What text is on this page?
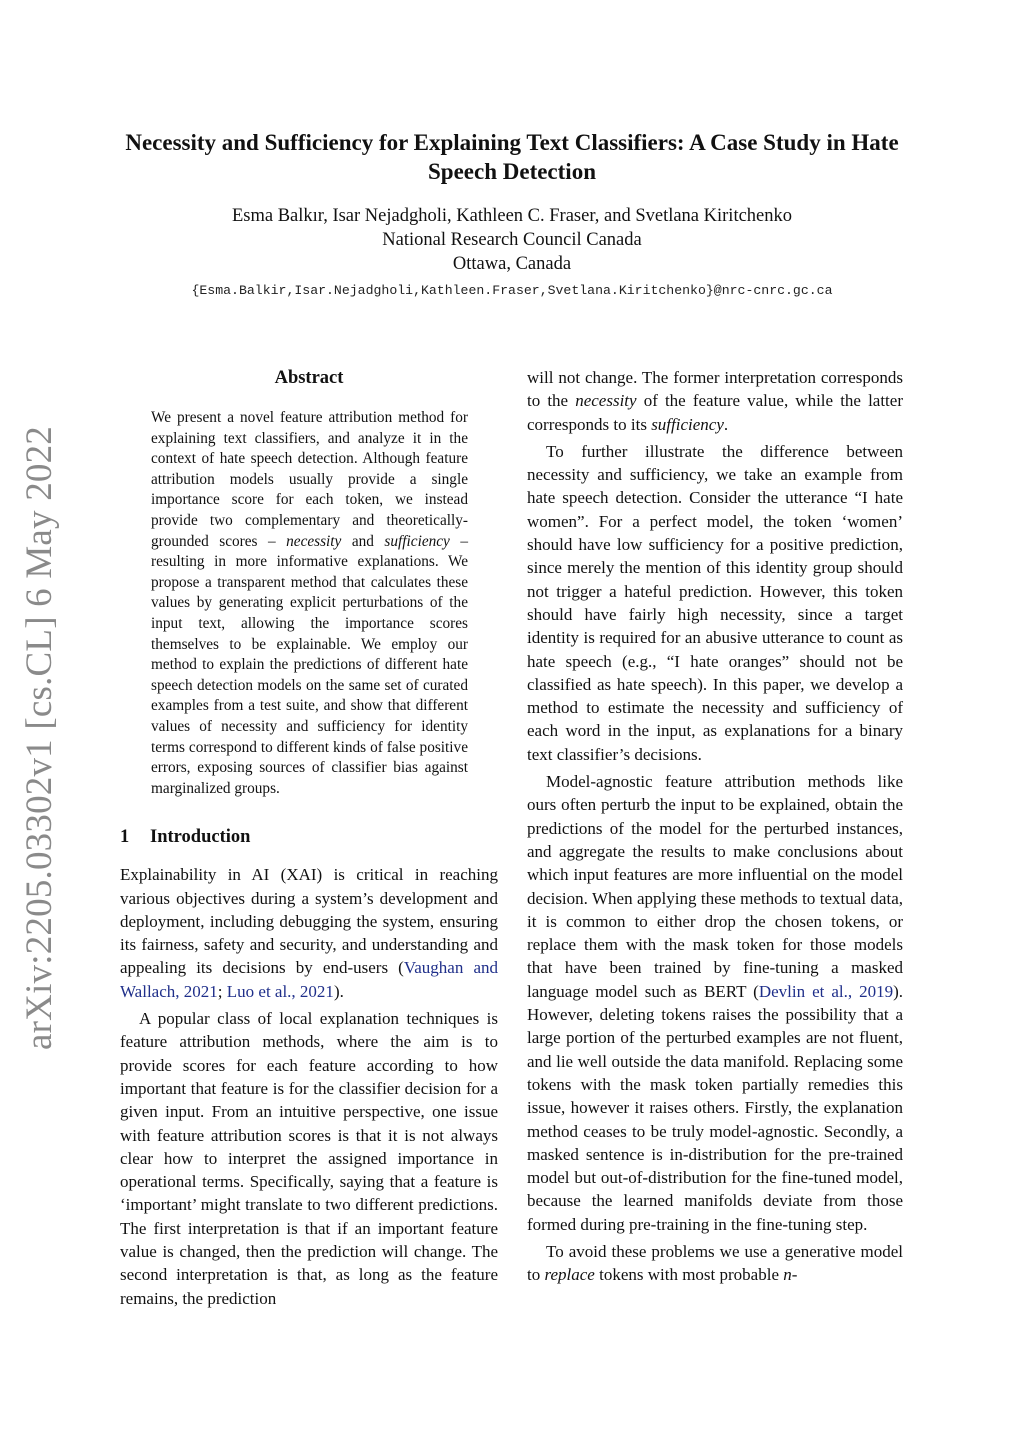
arXiv:2205.03302v1 [cs.CL] 6 May 2022
Necessity and Sufficiency for Explaining Text Classifiers: A Case Study in Hate Speech Detection
Esma Balkır, Isar Nejadgholi, Kathleen C. Fraser, and Svetlana Kiritchenko
National Research Council Canada
Ottawa, Canada
{Esma.Balkir,Isar.Nejadgholi,Kathleen.Fraser,Svetlana.Kiritchenko}@nrc-cnrc.gc.ca
Abstract

We present a novel feature attribution method for explaining text classifiers, and analyze it in the context of hate speech detection. Although feature attribution models usually provide a single importance score for each token, we instead provide two complementary and theoretically-grounded scores – necessity and sufficiency – resulting in more informative explanations. We propose a transparent method that calculates these values by generating explicit perturbations of the input text, allowing the importance scores themselves to be explainable. We employ our method to explain the predictions of different hate speech detection models on the same set of curated examples from a test suite, and show that different values of necessity and sufficiency for identity terms correspond to different kinds of false positive errors, exposing sources of classifier bias against marginalized groups.

1 Introduction

Explainability in AI (XAI) is critical in reaching various objectives during a system’s development and deployment, including debugging the system, ensuring its fairness, safety and security, and understanding and appealing its decisions by end-users (Vaughan and Wallach, 2021; Luo et al., 2021).

A popular class of local explanation techniques is feature attribution methods, where the aim is to provide scores for each feature according to how important that feature is for the classifier decision for a given input. From an intuitive perspective, one issue with feature attribution scores is that it is not always clear how to interpret the assigned importance in operational terms. Specifically, saying that a feature is ‘important’ might translate to two different predictions. The first interpretation is that if an important feature value is changed, then the prediction will change. The second interpretation is that, as long as the feature remains, the prediction

will not change. The former interpretation corresponds to the necessity of the feature value, while the latter corresponds to its sufficiency.

To further illustrate the difference between necessity and sufficiency, we take an example from hate speech detection. Consider the utterance “I hate women”. For a perfect model, the token ‘women’ should have low sufficiency for a positive prediction, since merely the mention of this identity group should not trigger a hateful prediction. However, this token should have fairly high necessity, since a target identity is required for an abusive utterance to count as hate speech (e.g., “I hate oranges” should not be classified as hate speech). In this paper, we develop a method to estimate the necessity and sufficiency of each word in the input, as explanations for a binary text classifier’s decisions.

Model-agnostic feature attribution methods like ours often perturb the input to be explained, obtain the predictions of the model for the perturbed instances, and aggregate the results to make conclusions about which input features are more influential on the model decision. When applying these methods to textual data, it is common to either drop the chosen tokens, or replace them with the mask token for those models that have been trained by fine-tuning a masked language model such as BERT (Devlin et al., 2019). However, deleting tokens raises the possibility that a large portion of the perturbed examples are not fluent, and lie well outside the data manifold. Replacing some tokens with the mask token partially remedies this issue, however it raises others. Firstly, the explanation method ceases to be truly model-agnostic. Secondly, a masked sentence is in-distribution for the pre-trained model but out-of-distribution for the fine-tuned model, because the learned manifolds deviate from those formed during pre-training in the fine-tuning step.

To avoid these problems we use a generative model to replace tokens with most probable n-
